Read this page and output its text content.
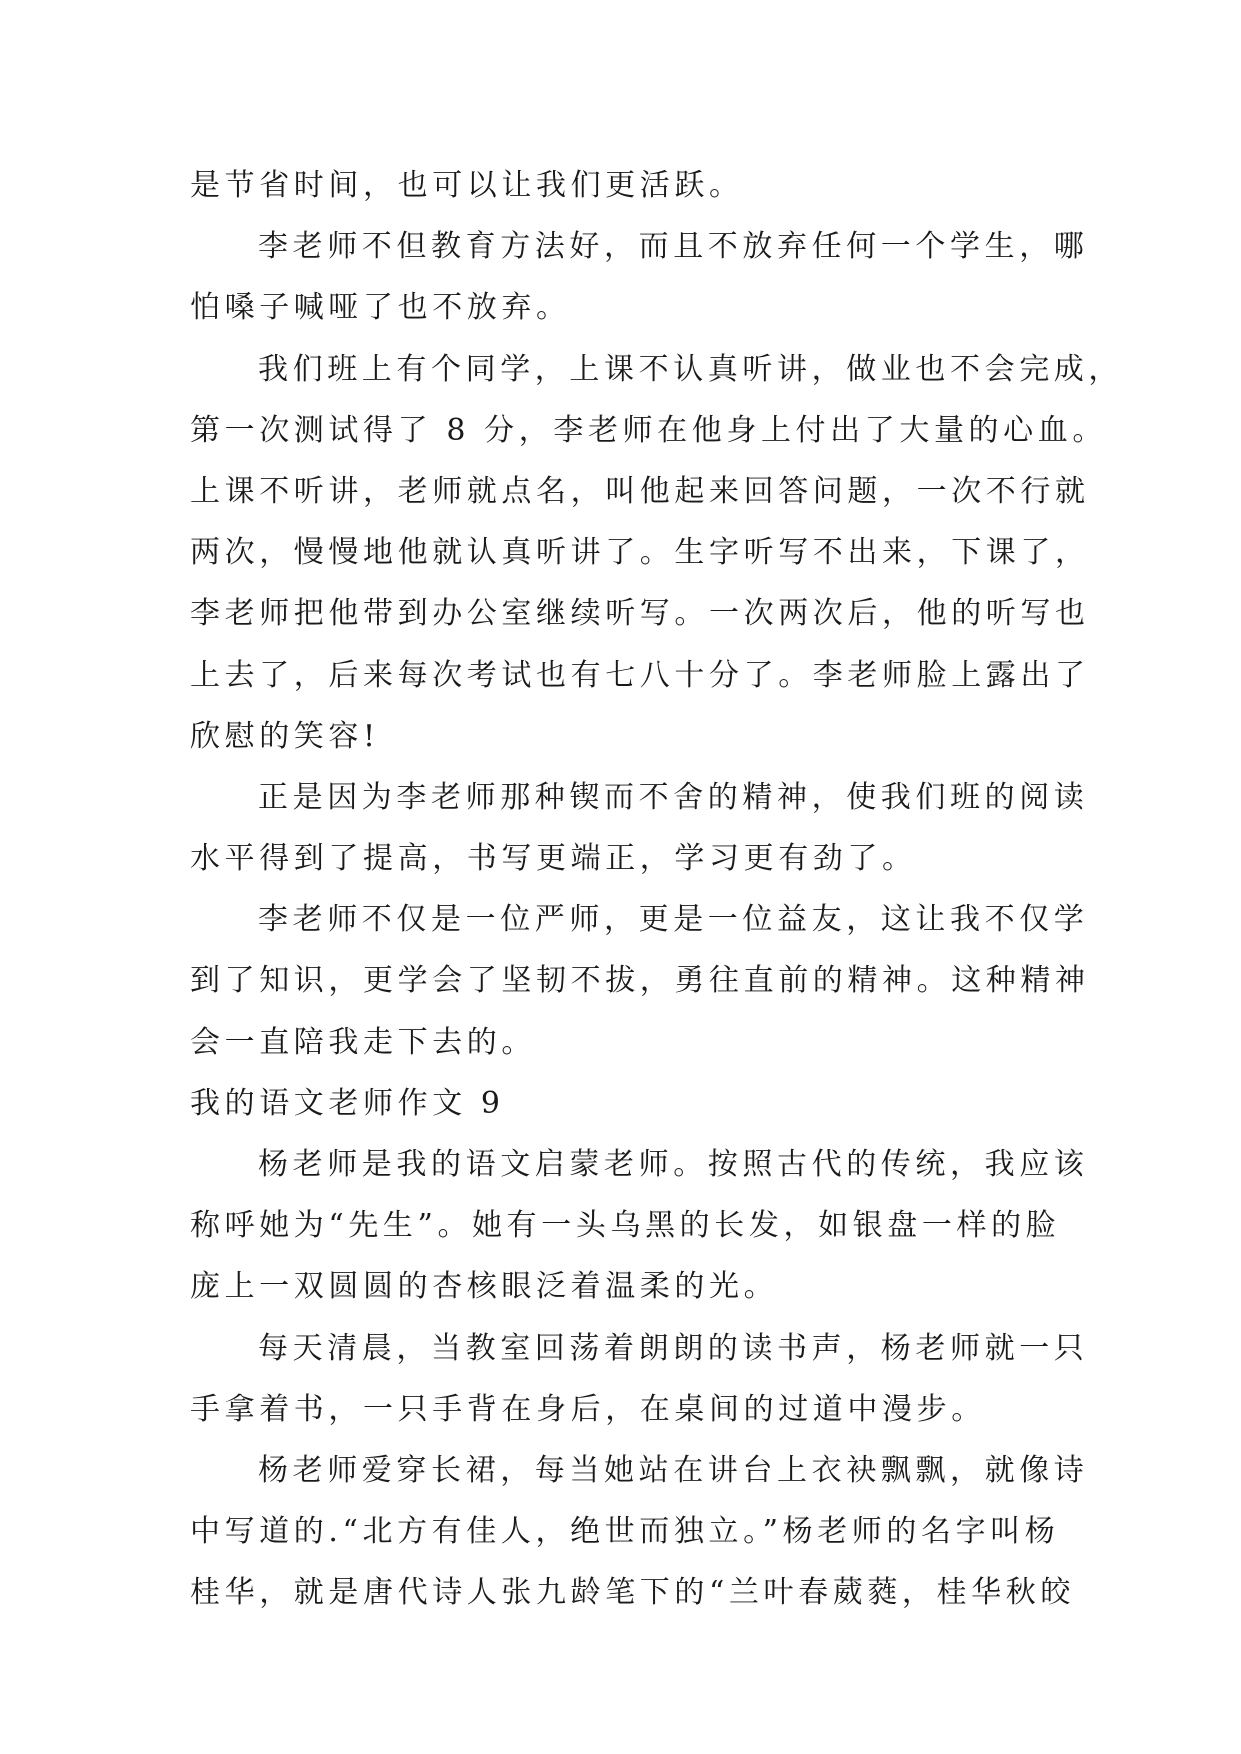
是节省时间，也可以让我们更活跃。
李老师不但教育方法好，而且不放弃任何一个学生，哪
怕嗓子喊哑了也不放弃。
我们班上有个同学，上课不认真听讲，做业也不会完成，
第一次测试得了 8 分，李老师在他身上付出了大量的心血。
上课不听讲，老师就点名，叫他起来回答问题，一次不行就
两次，慢慢地他就认真听讲了。生字听写不出来，下课了，
李老师把他带到办公室继续听写。一次两次后，他的听写也
上去了，后来每次考试也有七八十分了。李老师脸上露出了
欣慰的笑容!
正是因为李老师那种锲而不舍的精神，使我们班的阅读
水平得到了提高，书写更端正，学习更有劲了。
李老师不仅是一位严师，更是一位益友，这让我不仅学
到了知识，更学会了坚韧不拔，勇往直前的精神。这种精神
会一直陪我走下去的。
我的语文老师作文 9
杨老师是我的语文启蒙老师。按照古代的传统，我应该
称呼她为“先生”。她有一头乌黑的长发，如银盘一样的脸
庞上一双圆圆的杏核眼泛着温柔的光。
每天清晨，当教室回荡着朗朗的读书声，杨老师就一只
手拿着书，一只手背在身后，在桌间的过道中漫步。
杨老师爱穿长裙，每当她站在讲台上衣袂飘飘，就像诗
中写道的.“北方有佳人，绝世而独立。”杨老师的名字叫杨
桂华，就是唐代诗人张九龄笔下的“兰叶春葳蕤，桂华秋皎
